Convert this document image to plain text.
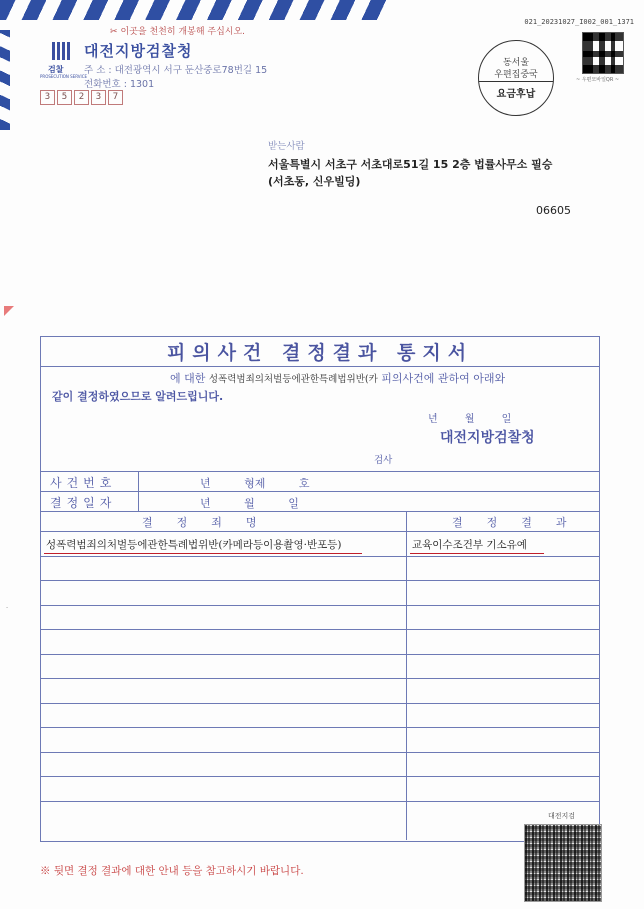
✂ 이곳을 천천히 개봉해 주십시오.
021_20231027_I002_001_1371
검찰
PROSECUTION SERVICE
대전지방검찰청
주 소 : 대전광역시 서구 둔산중로78번길 15
전화번호 : 1301
3	5	2	3	7
동서울
우편집중국
요금후납
~ 우편모바일QR ~
받는사람
서울특별시 서초구 서초대로51길 15 2층 법률사무소 필승(서초동, 신우빌딩)
06605
-
피의사건 결정결과 통지서
에 대한 성폭력범죄의처벌등에관한특례법위반(카 피의사건에 관하여 아래와
같이 결정하였으므로 알려드립니다.
년 월 일
대전지방검찰청
검사
사건번호	년 형제 호
결정일자	년 월 일
결정죄명	결정결과
성폭력범죄의처벌등에관한특례법위반(카메라등이용촬영·반포등)	교육이수조건부 기소유예
※ 뒷면 결정 결과에 대한 안내 등을 참고하시기 바랍니다.
대전지검
